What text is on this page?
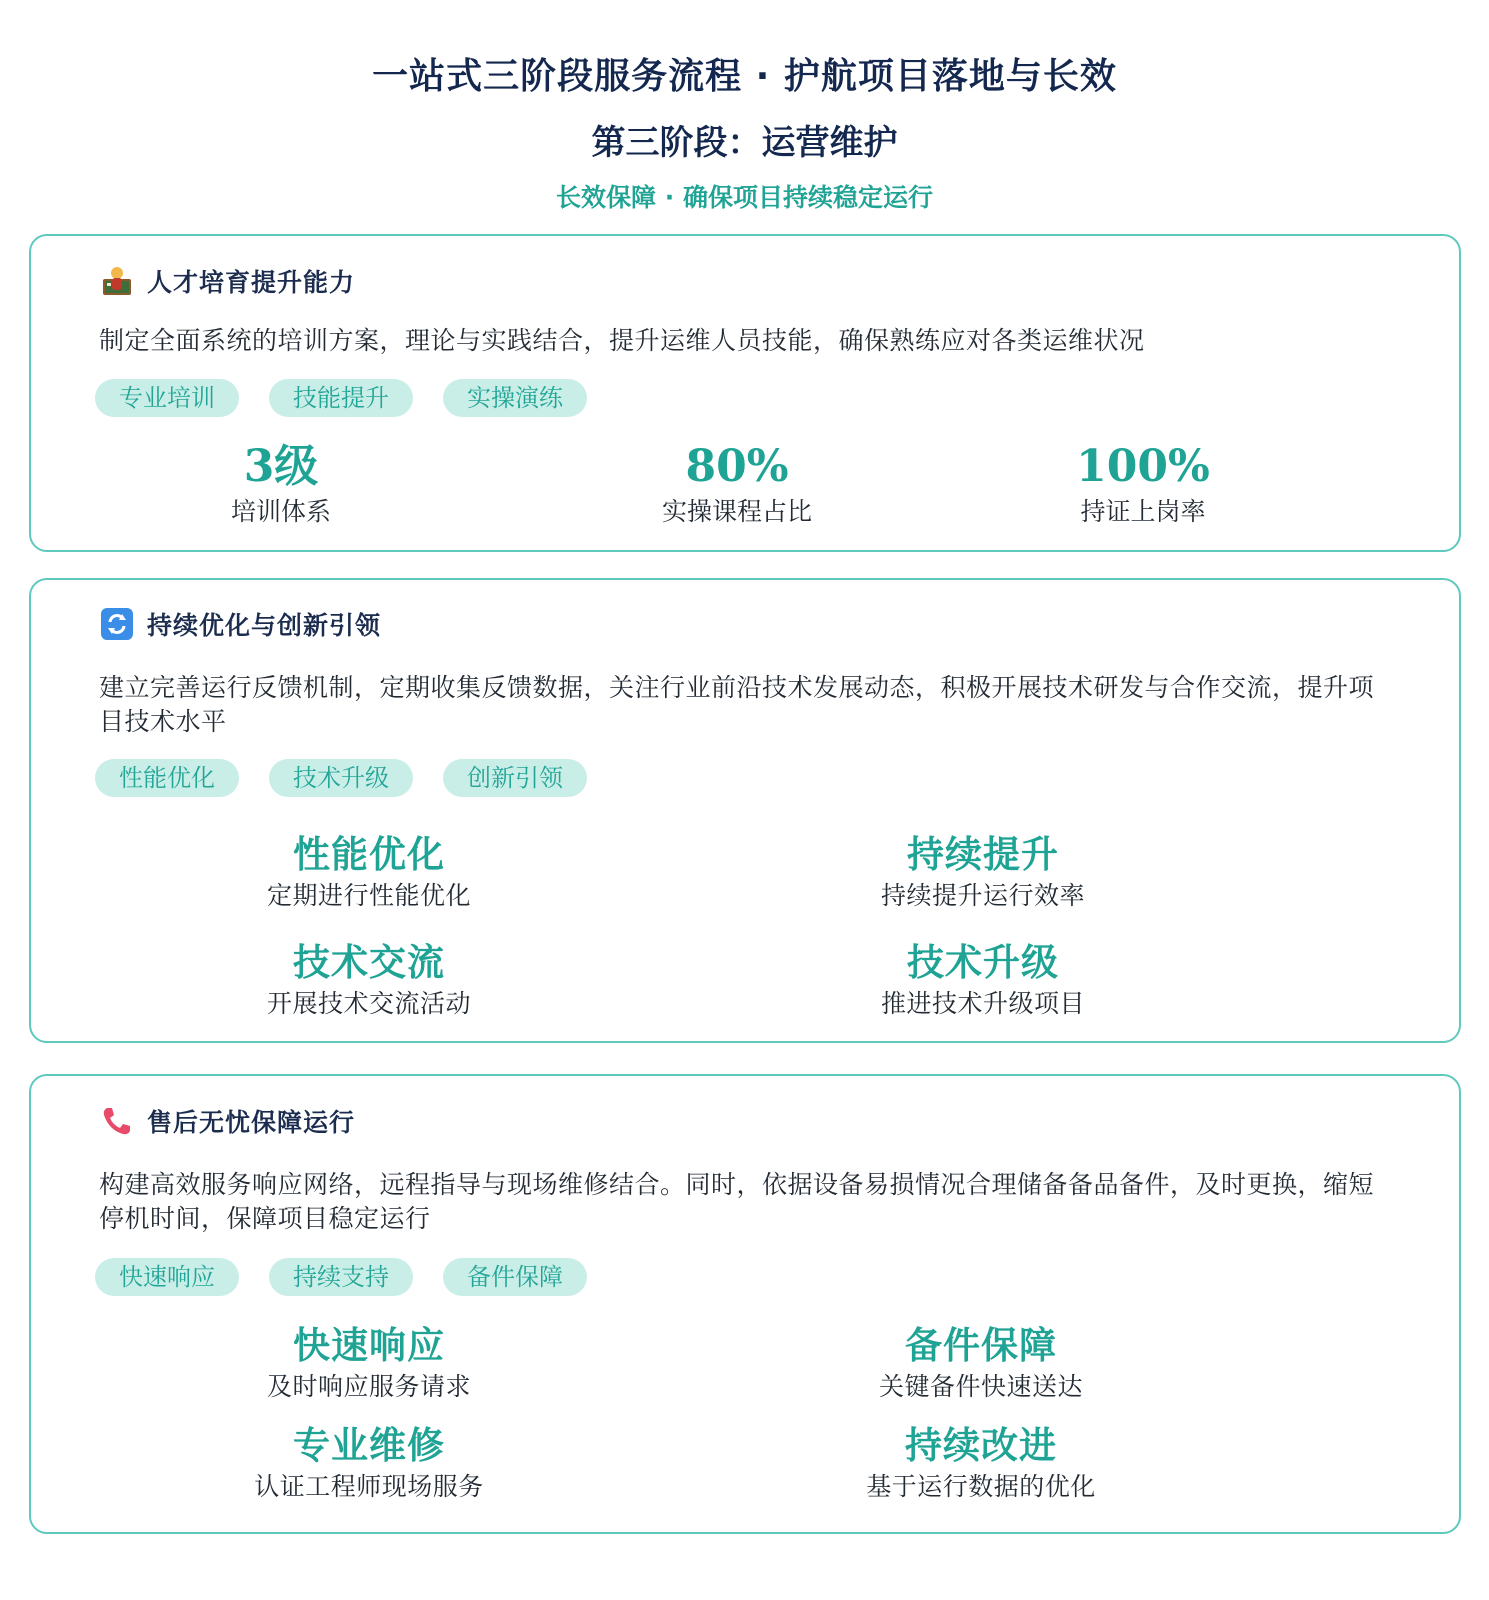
一站式三阶段服务流程 · 护航项目落地与长效
第三阶段：运营维护
长效保障 · 确保项目持续稳定运行
人才培育提升能力
制定全面系统的培训方案，理论与实践结合，提升运维人员技能，确保熟练应对各类运维状况
专业培训	技能提升	实操演练
3级
培训体系
80%
实操课程占比
100%
持证上岗率
持续优化与创新引领
建立完善运行反馈机制，定期收集反馈数据，关注行业前沿技术发展动态，积极开展技术研发与合作交流，提升项目技术水平
性能优化	技术升级	创新引领
性能优化
定期进行性能优化
持续提升
持续提升运行效率
技术交流
开展技术交流活动
技术升级
推进技术升级项目
售后无忧保障运行
构建高效服务响应网络，远程指导与现场维修结合。同时，依据设备易损情况合理储备备品备件，及时更换，缩短停机时间，保障项目稳定运行
快速响应	持续支持	备件保障
快速响应
及时响应服务请求
备件保障
关键备件快速送达
专业维修
认证工程师现场服务
持续改进
基于运行数据的优化
